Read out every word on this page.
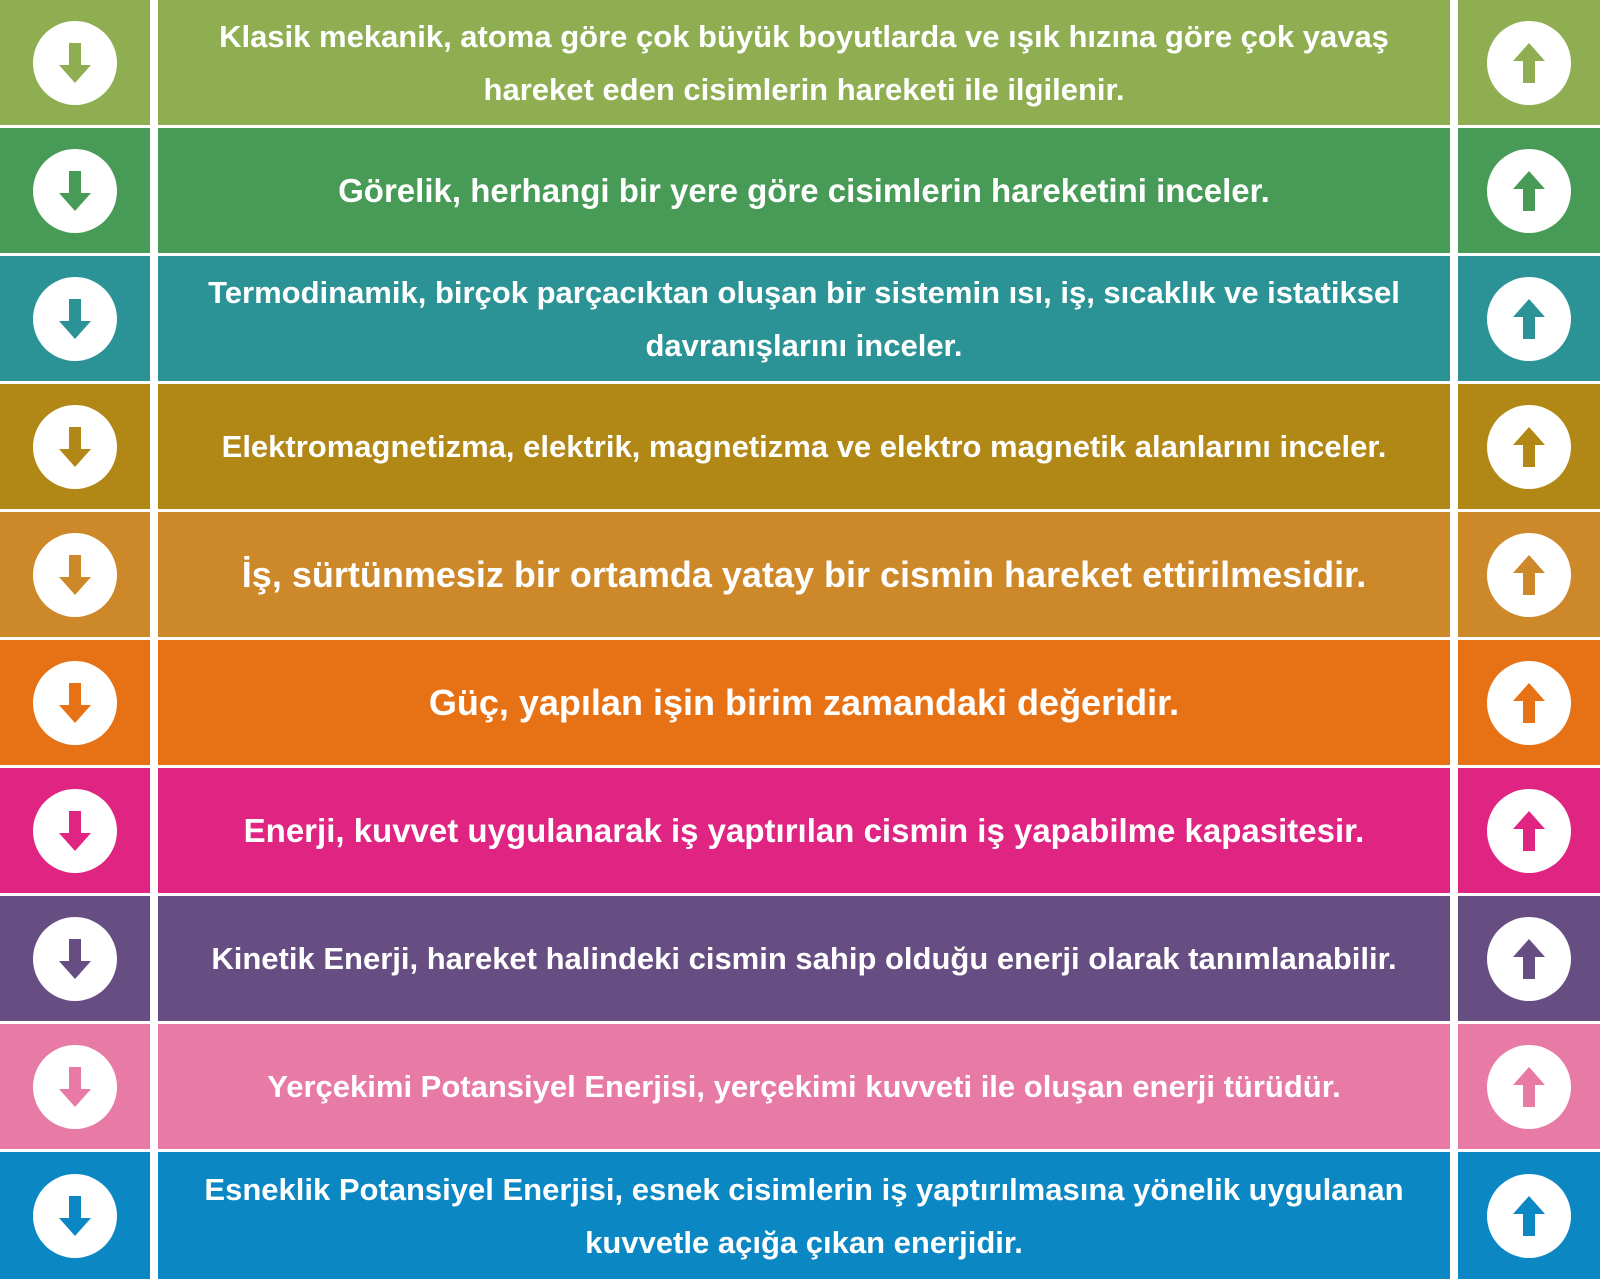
Klasik mekanik, atoma göre çok büyük boyutlarda ve ışık hızına göre çok yavaş hareket eden cisimlerin hareketi ile ilgilenir.
Görelik, herhangi bir yere göre cisimlerin hareketini inceler.
Termodinamik, birçok parçacıktan oluşan bir sistemin ısı, iş, sıcaklık ve istatiksel davranışlarını inceler.
Elektromagnetizma, elektrik, magnetizma ve elektro magnetik alanlarını inceler.
İş, sürtünmesiz bir ortamda yatay bir cismin hareket ettirilmesidir.
Güç, yapılan işin birim zamandaki değeridir.
Enerji, kuvvet uygulanarak iş yaptırılan cismin iş yapabilme kapasitesir.
Kinetik Enerji, hareket halindeki cismin sahip olduğu enerji olarak tanımlanabilir.
Yerçekimi Potansiyel Enerjisi, yerçekimi kuvveti ile oluşan enerji türüdür.
Esneklik Potansiyel Enerjisi, esnek cisimlerin iş yaptırılmasına yönelik uygulanan kuvvetle açığa çıkan enerjidir.
